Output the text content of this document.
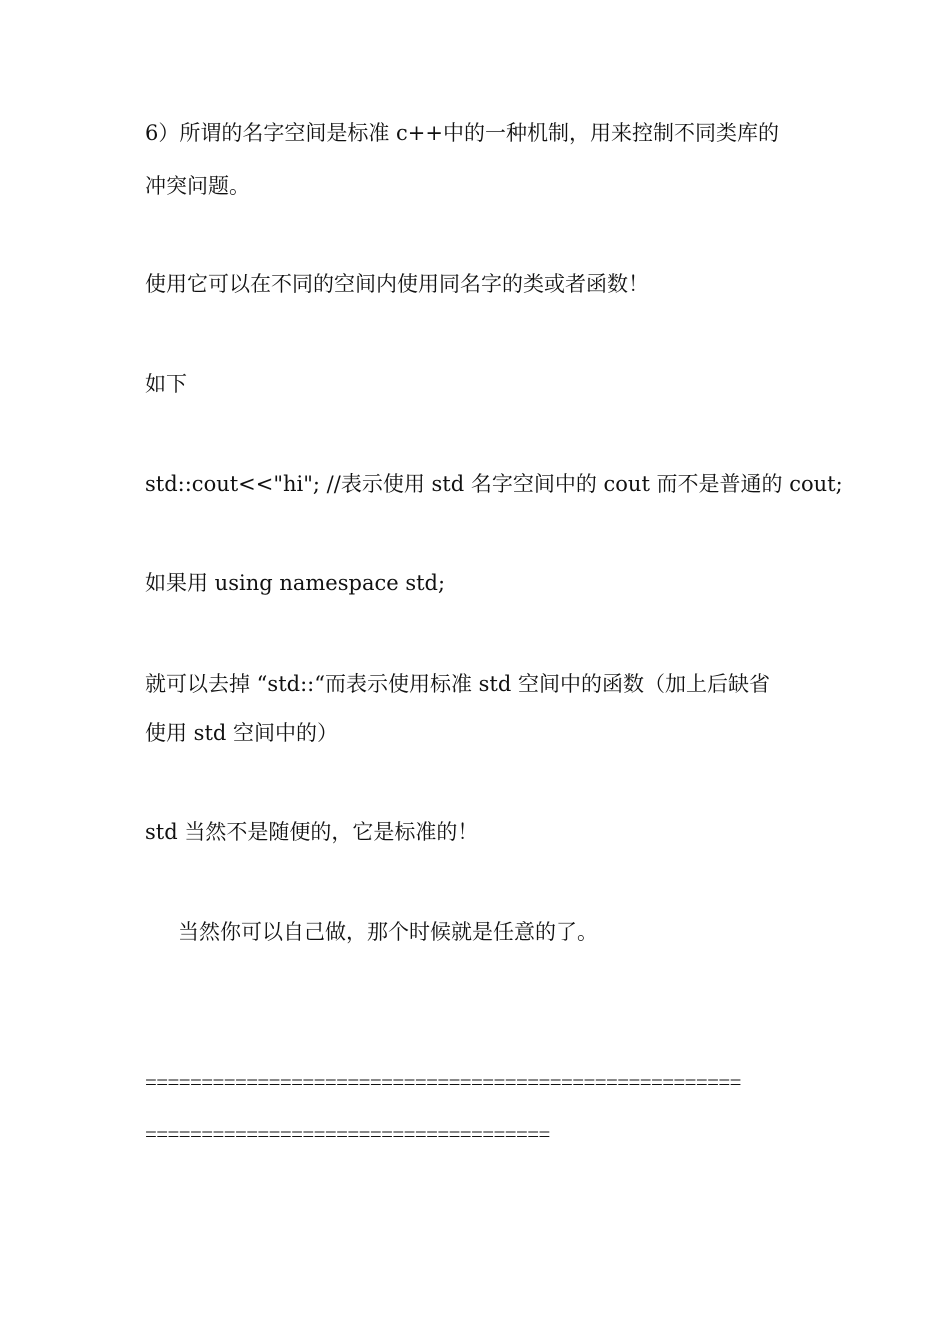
6）所谓的名字空间是标准 c++中的一种机制，用来控制不同类库的
冲突问题。
使用它可以在不同的空间内使用同名字的类或者函数！
如下
std::cout<<"hi"; //表示使用 std 名字空间中的 cout 而不是普通的 cout;
如果用 using namespace std;
就可以去掉 “std::“而表示使用标准 std 空间中的函数（加上后缺省
使用 std 空间中的）
std 当然不是随便的，它是标准的！
当然你可以自己做，那个时候就是任意的了。
=====================================================
====================================
